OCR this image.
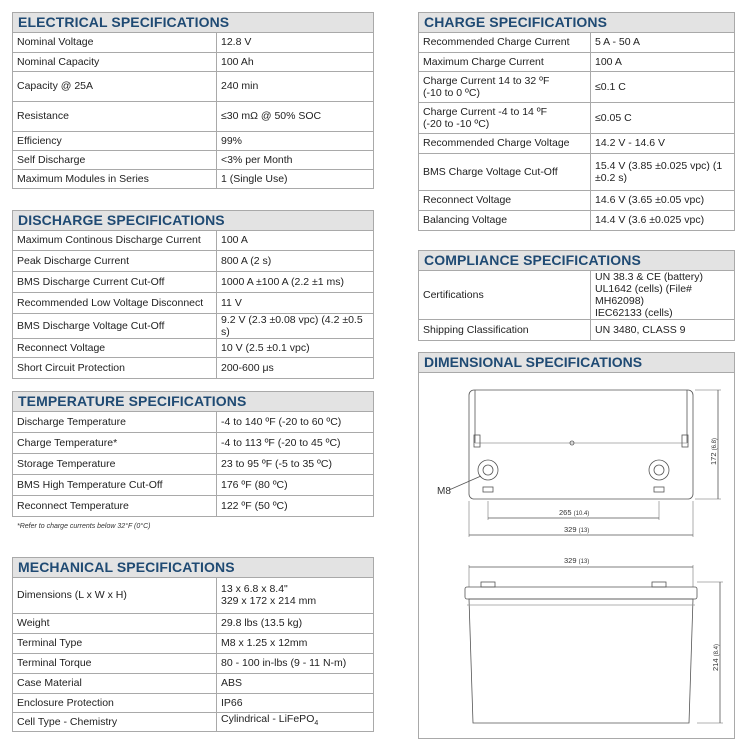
ELECTRICAL SPECIFICATIONS
Nominal Voltage	12.8 V
Nominal Capacity	100 Ah
Capacity @ 25A	240 min
Resistance	≤30 mΩ @ 50% SOC
Efficiency	99%
Self Discharge	<3% per Month
Maximum Modules in Series	1 (Single Use)
DISCHARGE SPECIFICATIONS
Maximum Continous Discharge Current	100 A
Peak Discharge Current	800 A (2 s)
BMS Discharge Current Cut-Off	1000 A ±100 A (2.2 ±1 ms)
Recommended Low Voltage Disconnect	11 V
BMS Discharge Voltage Cut-Off	9.2 V (2.3 ±0.08 vpc) (4.2 ±0.5 s)
Reconnect Voltage	10 V (2.5 ±0.1 vpc)
Short Circuit Protection	200-600 μs
TEMPERATURE SPECIFICATIONS
Discharge Temperature	-4 to 140 ºF (-20 to 60 ºC)
Charge Temperature*	-4 to 113 ºF (-20 to 45 ºC)
Storage Temperature	23 to 95 ºF (-5 to 35 ºC)
BMS High Temperature Cut-Off	176 ºF (80 ºC)
Reconnect Temperature	122 ºF (50 ºC)
*Refer to charge currents below 32°F (0°C)
MECHANICAL SPECIFICATIONS
Dimensions (L x W x H)	13 x 6.8 x 8.4"
329 x 172 x 214 mm

Weight	29.8 lbs (13.5 kg)
Terminal Type	M8 x 1.25 x 12mm
Terminal Torque	80 - 100 in-lbs (9 - 11 N-m)
Case Material	ABS
Enclosure Protection	IP66
Cell Type - Chemistry	Cylindrical - LiFePO$_4$
CHARGE SPECIFICATIONS
Recommended Charge Current	5 A - 50 A
Maximum Charge Current	100 A

Charge Current 14 to 32 ºF
(-10 to 0 ºC)	≤0.1 C

Charge Current -4 to 14 ºF
(-20 to -10 ºC)	≤0.05 C
Recommended Charge Voltage	14.2 V - 14.6 V
BMS Charge Voltage Cut-Off	15.4 V (3.85 ±0.025 vpc) (1
±0.2 s)

Reconnect Voltage	14.6 V (3.65 ±0.05 vpc)
Balancing Voltage	14.4 V (3.6 ±0.025 vpc)
COMPLIANCE SPECIFICATIONS
Certifications	UN 38.3 & CE (battery)
UL1642 (cells) (File# MH62098)
IEC62133 (cells)

Shipping Classification	UN 3480, CLASS 9
DIMENSIONAL SPECIFICATIONS
M8
265 (10.4)
329 (13)
172 (6.8)
329 (13)
214 (8.4)
